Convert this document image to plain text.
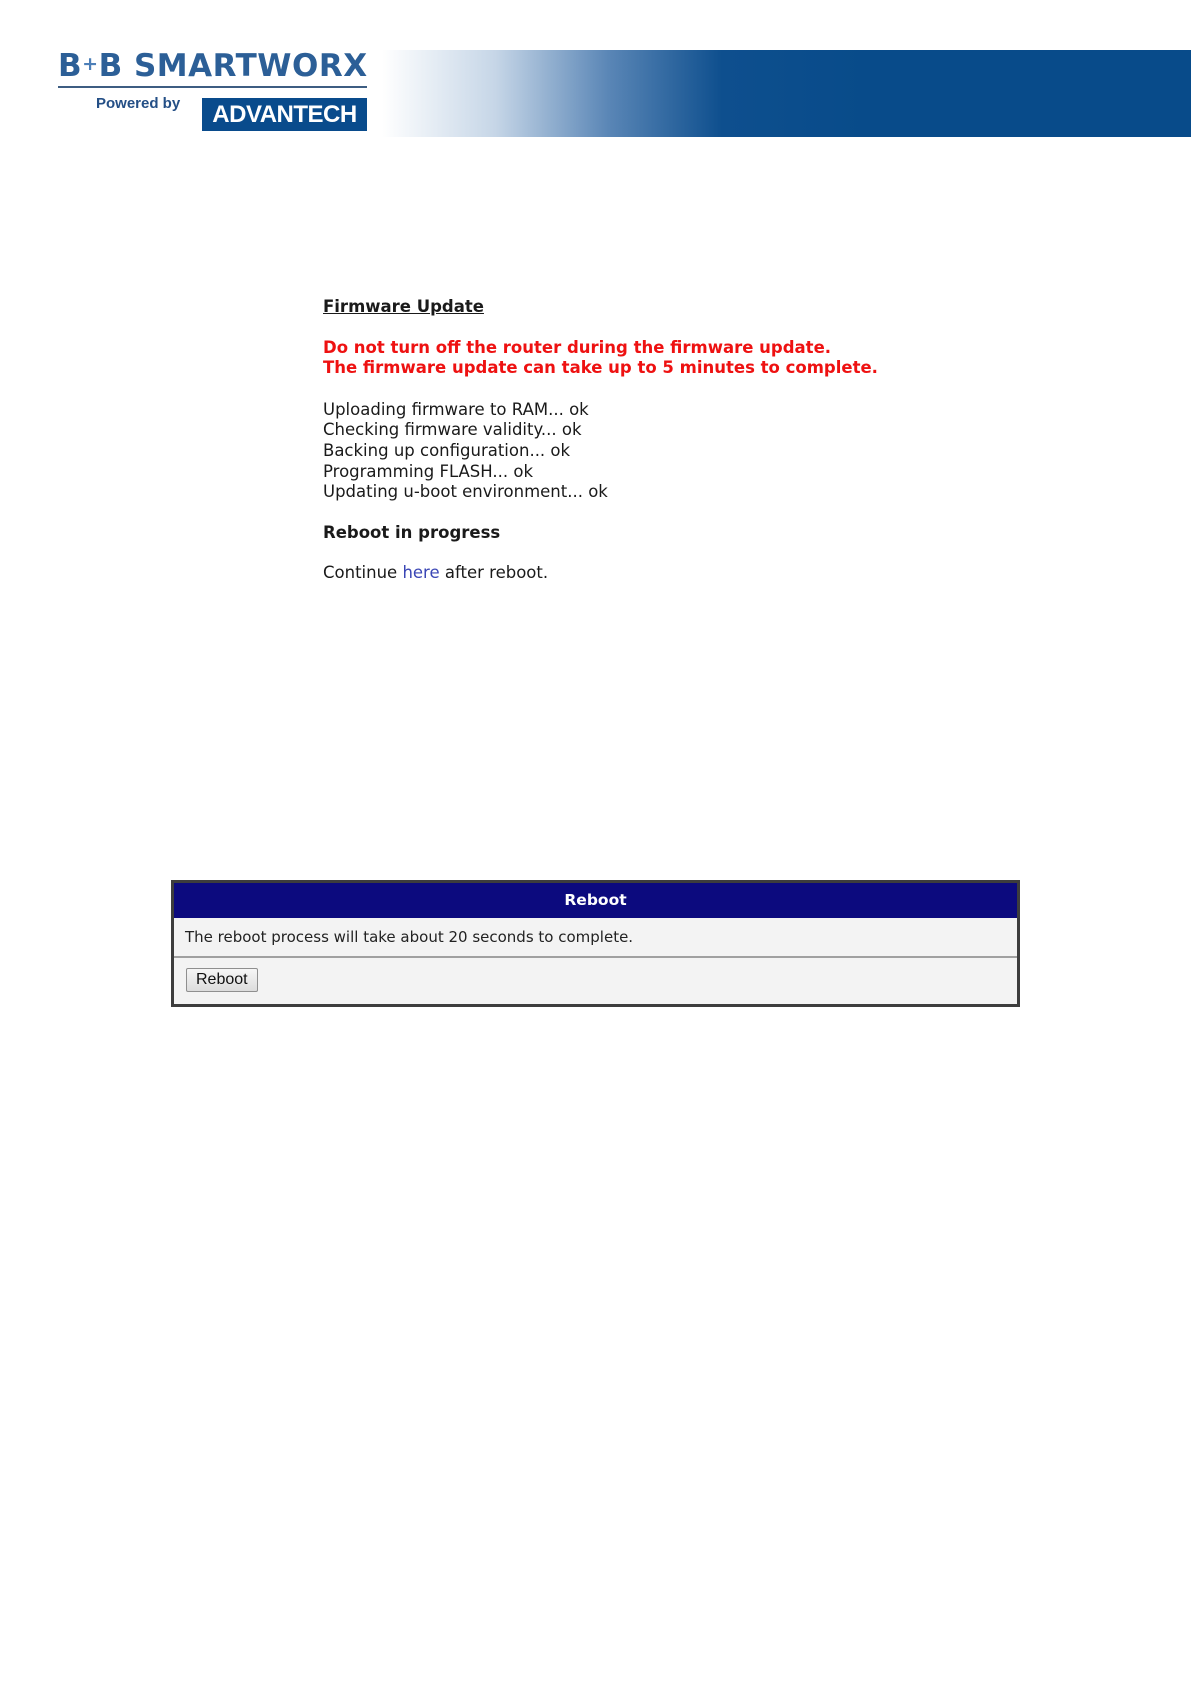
B+B SMARTWORX
Powered by	ADVANTECH
Firmware Update
Do not turn off the router during the firmware update.
The firmware update can take up to 5 minutes to complete.
Uploading firmware to RAM... ok
Checking firmware validity... ok
Backing up configuration... ok
Programming FLASH... ok
Updating u-boot environment... ok
Reboot in progress
Continue here after reboot.
Reboot
The reboot process will take about 20 seconds to complete.
Reboot
